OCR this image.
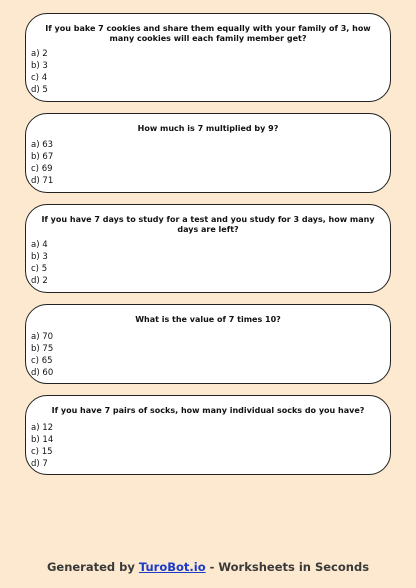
If you bake 7 cookies and share them equally with your family of 3, how many cookies will each family member get?
a) 2
b) 3
c) 4
d) 5
How much is 7 multiplied by 9?
a) 63
b) 67
c) 69
d) 71
If you have 7 days to study for a test and you study for 3 days, how many days are left?
a) 4
b) 3
c) 5
d) 2
What is the value of 7 times 10?
a) 70
b) 75
c) 65
d) 60
If you have 7 pairs of socks, how many individual socks do you have?
a) 12
b) 14
c) 15
d) 7
Generated by TuroBot.io - Worksheets in Seconds
